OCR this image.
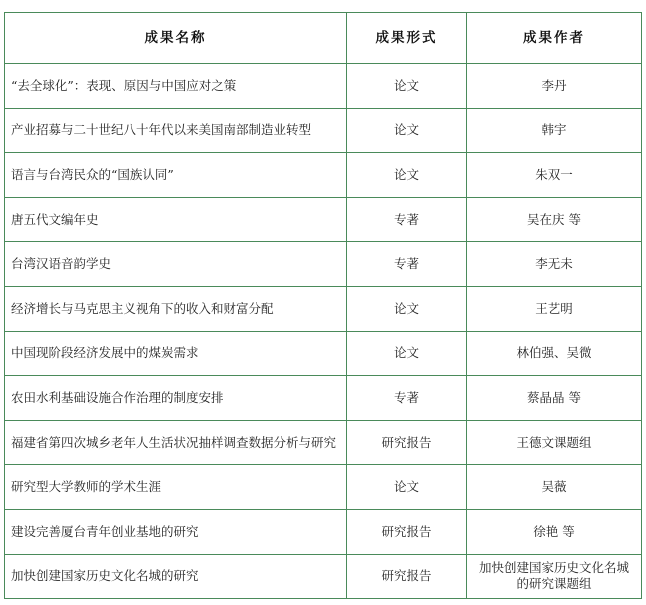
成果名称	成果形式	成果作者
“去全球化”：表现、原因与中国应对之策	论文	李丹
产业招募与二十世纪八十年代以来美国南部制造业转型	论文	韩宇
语言与台湾民众的“国族认同”	论文	朱双一
唐五代文编年史	专著	吴在庆 等
台湾汉语音韵学史	专著	李无未
经济增长与马克思主义视角下的收入和财富分配	论文	王艺明
中国现阶段经济发展中的煤炭需求	论文	林伯强、吴微
农田水利基础设施合作治理的制度安排	专著	蔡晶晶 等
福建省第四次城乡老年人生活状况抽样调查数据分析与研究	研究报告	王德文课题组
研究型大学教师的学术生涯	论文	吴薇
建设完善厦台青年创业基地的研究	研究报告	徐艳 等
加快创建国家历史文化名城的研究	研究报告	加快创建国家历史文化名城的研究课题组
